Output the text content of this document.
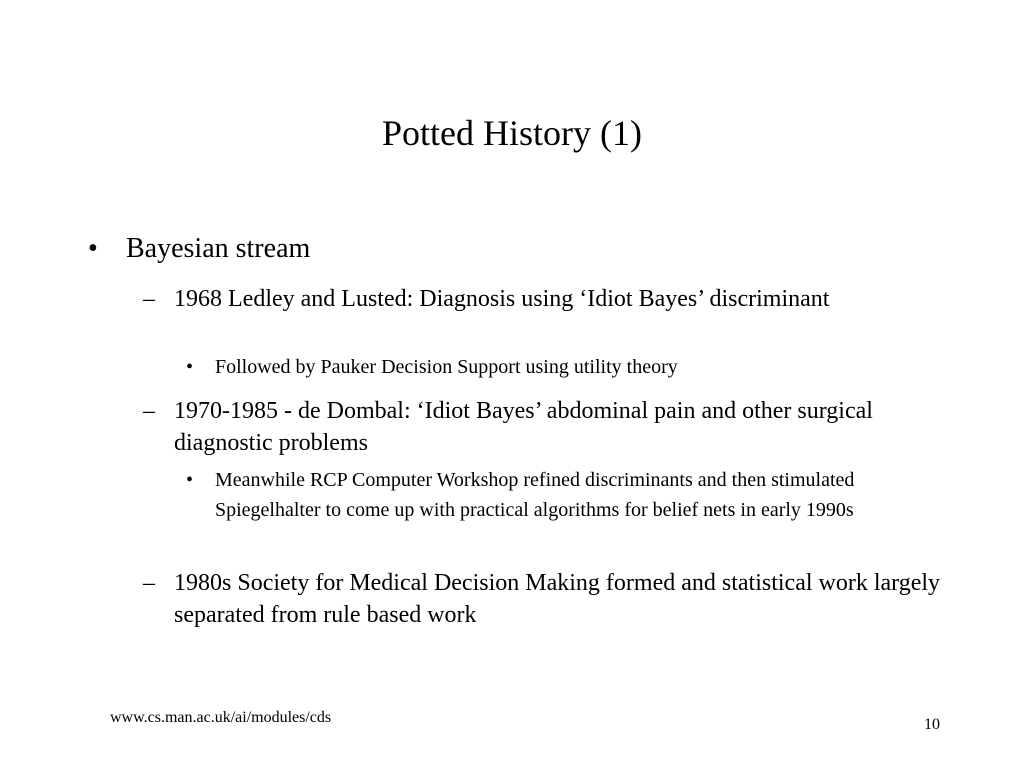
Potted History (1)
• Bayesian stream
– 1968 Ledley and Lusted: Diagnosis using ‘Idiot Bayes’ discriminant
• Followed by Pauker Decision Support using utility theory
– 1970-1985 - de Dombal: ‘Idiot Bayes’ abdominal pain and other surgical diagnostic problems
• Meanwhile RCP Computer Workshop refined discriminants and then stimulated Spiegelhalter to come up with practical algorithms for belief nets in early 1990s
– 1980s Society for Medical Decision Making formed and statistical work largely separated from rule based work
www.cs.man.ac.uk/ai/modules/cds	10
